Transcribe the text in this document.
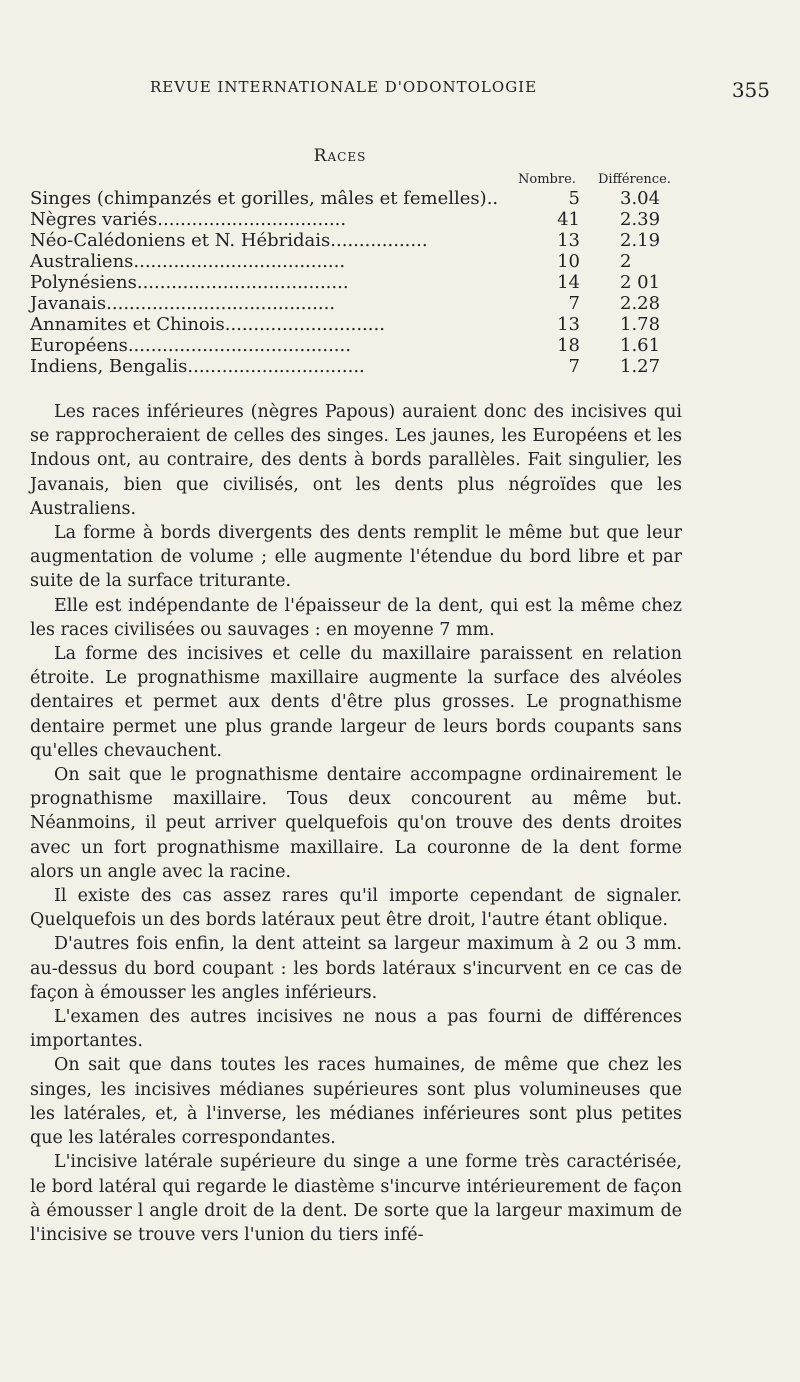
REVUE INTERNATIONALE D'ODONTOLOGIE	355
Races
Nombre. Différence.
Singes (chimpanzés et gorilles, mâles et femelles)..	5 3.04
Nègres variés.................................	41 2.39
Néo-Calédoniens et N. Hébridais.................	13 2.19
Australiens.....................................	10 2
Polynésiens.....................................	14 2 01
Javanais........................................	7 2.28
Annamites et Chinois............................	13 1.78
Européens.......................................	18 1.61
Indiens, Bengalis...............................	7 1.27

Les races inférieures (nègres Papous) auraient donc des incisives qui se rapprocheraient de celles des singes. Les jaunes, les Européens et les Indous ont, au contraire, des dents à bords parallèles. Fait singulier, les Javanais, bien que civilisés, ont les dents plus négroïdes que les Australiens.

La forme à bords divergents des dents remplit le même but que leur augmentation de volume ; elle augmente l'étendue du bord libre et par suite de la surface triturante.

Elle est indépendante de l'épaisseur de la dent, qui est la même chez les races civilisées ou sauvages : en moyenne 7 mm.

La forme des incisives et celle du maxillaire paraissent en relation étroite. Le prognathisme maxillaire augmente la surface des alvéoles dentaires et permet aux dents d'être plus grosses. Le prognathisme dentaire permet une plus grande largeur de leurs bords coupants sans qu'elles chevauchent.

On sait que le prognathisme dentaire accompagne ordinairement le prognathisme maxillaire. Tous deux concourent au même but. Néanmoins, il peut arriver quelquefois qu'on trouve des dents droites avec un fort prognathisme maxillaire. La couronne de la dent forme alors un angle avec la racine.

Il existe des cas assez rares qu'il importe cependant de signaler. Quelquefois un des bords latéraux peut être droit, l'autre étant oblique.

D'autres fois enfin, la dent atteint sa largeur maximum à 2 ou 3 mm. au-dessus du bord coupant : les bords latéraux s'incurvent en ce cas de façon à émousser les angles inférieurs.

L'examen des autres incisives ne nous a pas fourni de différences importantes.

On sait que dans toutes les races humaines, de même que chez les singes, les incisives médianes supérieures sont plus volumineuses que les latérales, et, à l'inverse, les médianes inférieures sont plus petites que les latérales correspondantes.

L'incisive latérale supérieure du singe a une forme très caractérisée, le bord latéral qui regarde le diastème s'incurve intérieurement de façon à émousser l angle droit de la dent. De sorte que la largeur maximum de l'incisive se trouve vers l'union du tiers infé-
